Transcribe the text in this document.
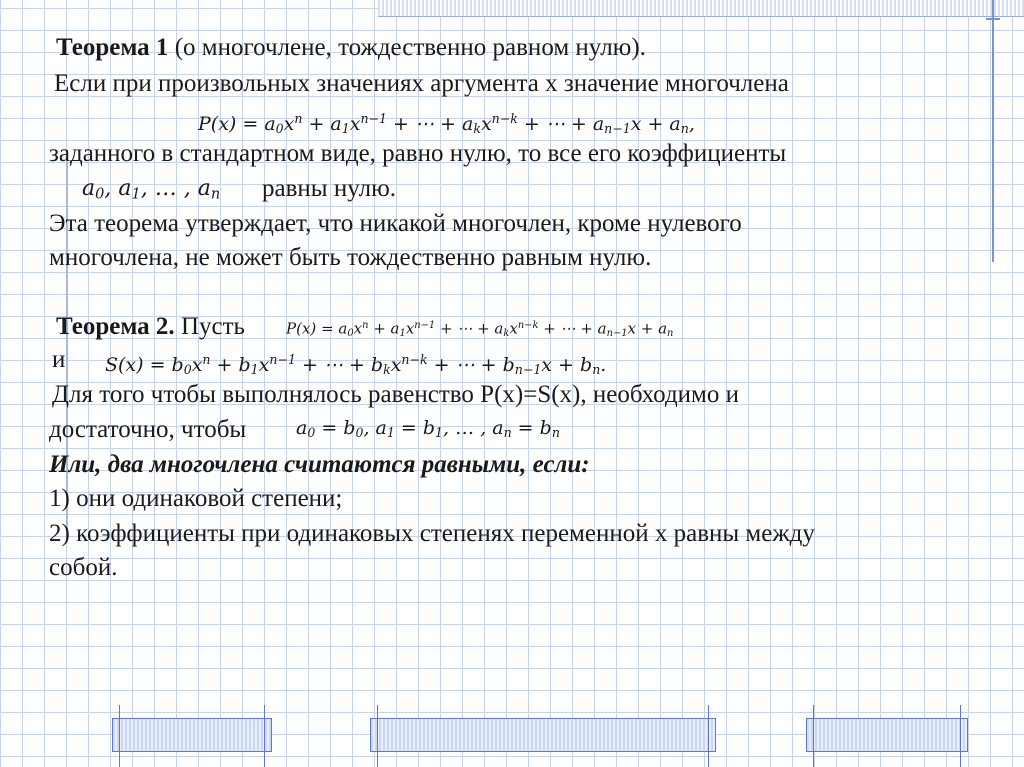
Теорема 1 (о многочлене, тождественно равном нулю).
Если при произвольных значениях аргумента х значение многочлена
$P(x) = a_0x^n + a_1x^{n-1}$ + ⋯ + $a_kx^{n-k}$ + ⋯ + $a_{n-1}x + a_n$,
заданного в стандартном виде, равно нулю, то все его коэффициенты
$a_0$, $a_1$, … , $a_n$ равны нулю.
Эта теорема утверждает, что никакой многочлен, кроме нулевого
многочлена, не может быть тождественно равным нулю.
Теорема 2. Пусть	$P(x) = a_0x^n + a_1x^{n-1}$ + ⋯ + $a_kx^{n-k}$ + ⋯ + $a_{n-1}x + a_n$
и $S(x) = b_0x^n + b_1x^{n-1}$ + ⋯ + $b_kx^{n-k}$ + ⋯ + $b_{n-1}x + b_n$.
Для того чтобы выполнялось равенство P(x)=S(x), необходимо и
достаточно, чтобы	$a_0 = b_0$, $a_1 = b_1$, … , $a_n = b_n$
Или, два многочлена считаются равными, если:
1) они одинаковой степени;
2) коэффициенты при одинаковых степенях переменной х равны между
собой.
